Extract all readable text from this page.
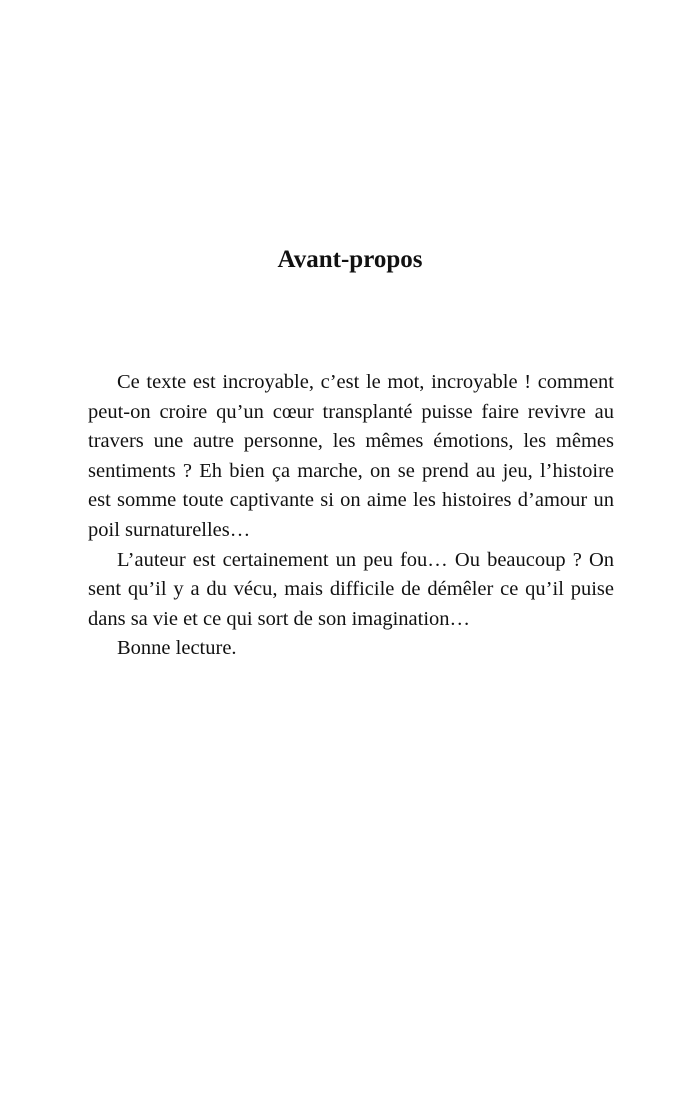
Avant-propos

Ce texte est incroyable, c’est le mot, incroyable ! comment peut-on croire qu’un cœur transplanté puisse faire revivre au travers une autre personne, les mêmes émotions, les mêmes sentiments ? Eh bien ça marche, on se prend au jeu, l’histoire est somme toute captivante si on aime les histoires d’amour un poil surnaturelles…

L’auteur est certainement un peu fou… Ou beaucoup ? On sent qu’il y a du vécu, mais difficile de démêler ce qu’il puise dans sa vie et ce qui sort de son imagination…

Bonne lecture.
